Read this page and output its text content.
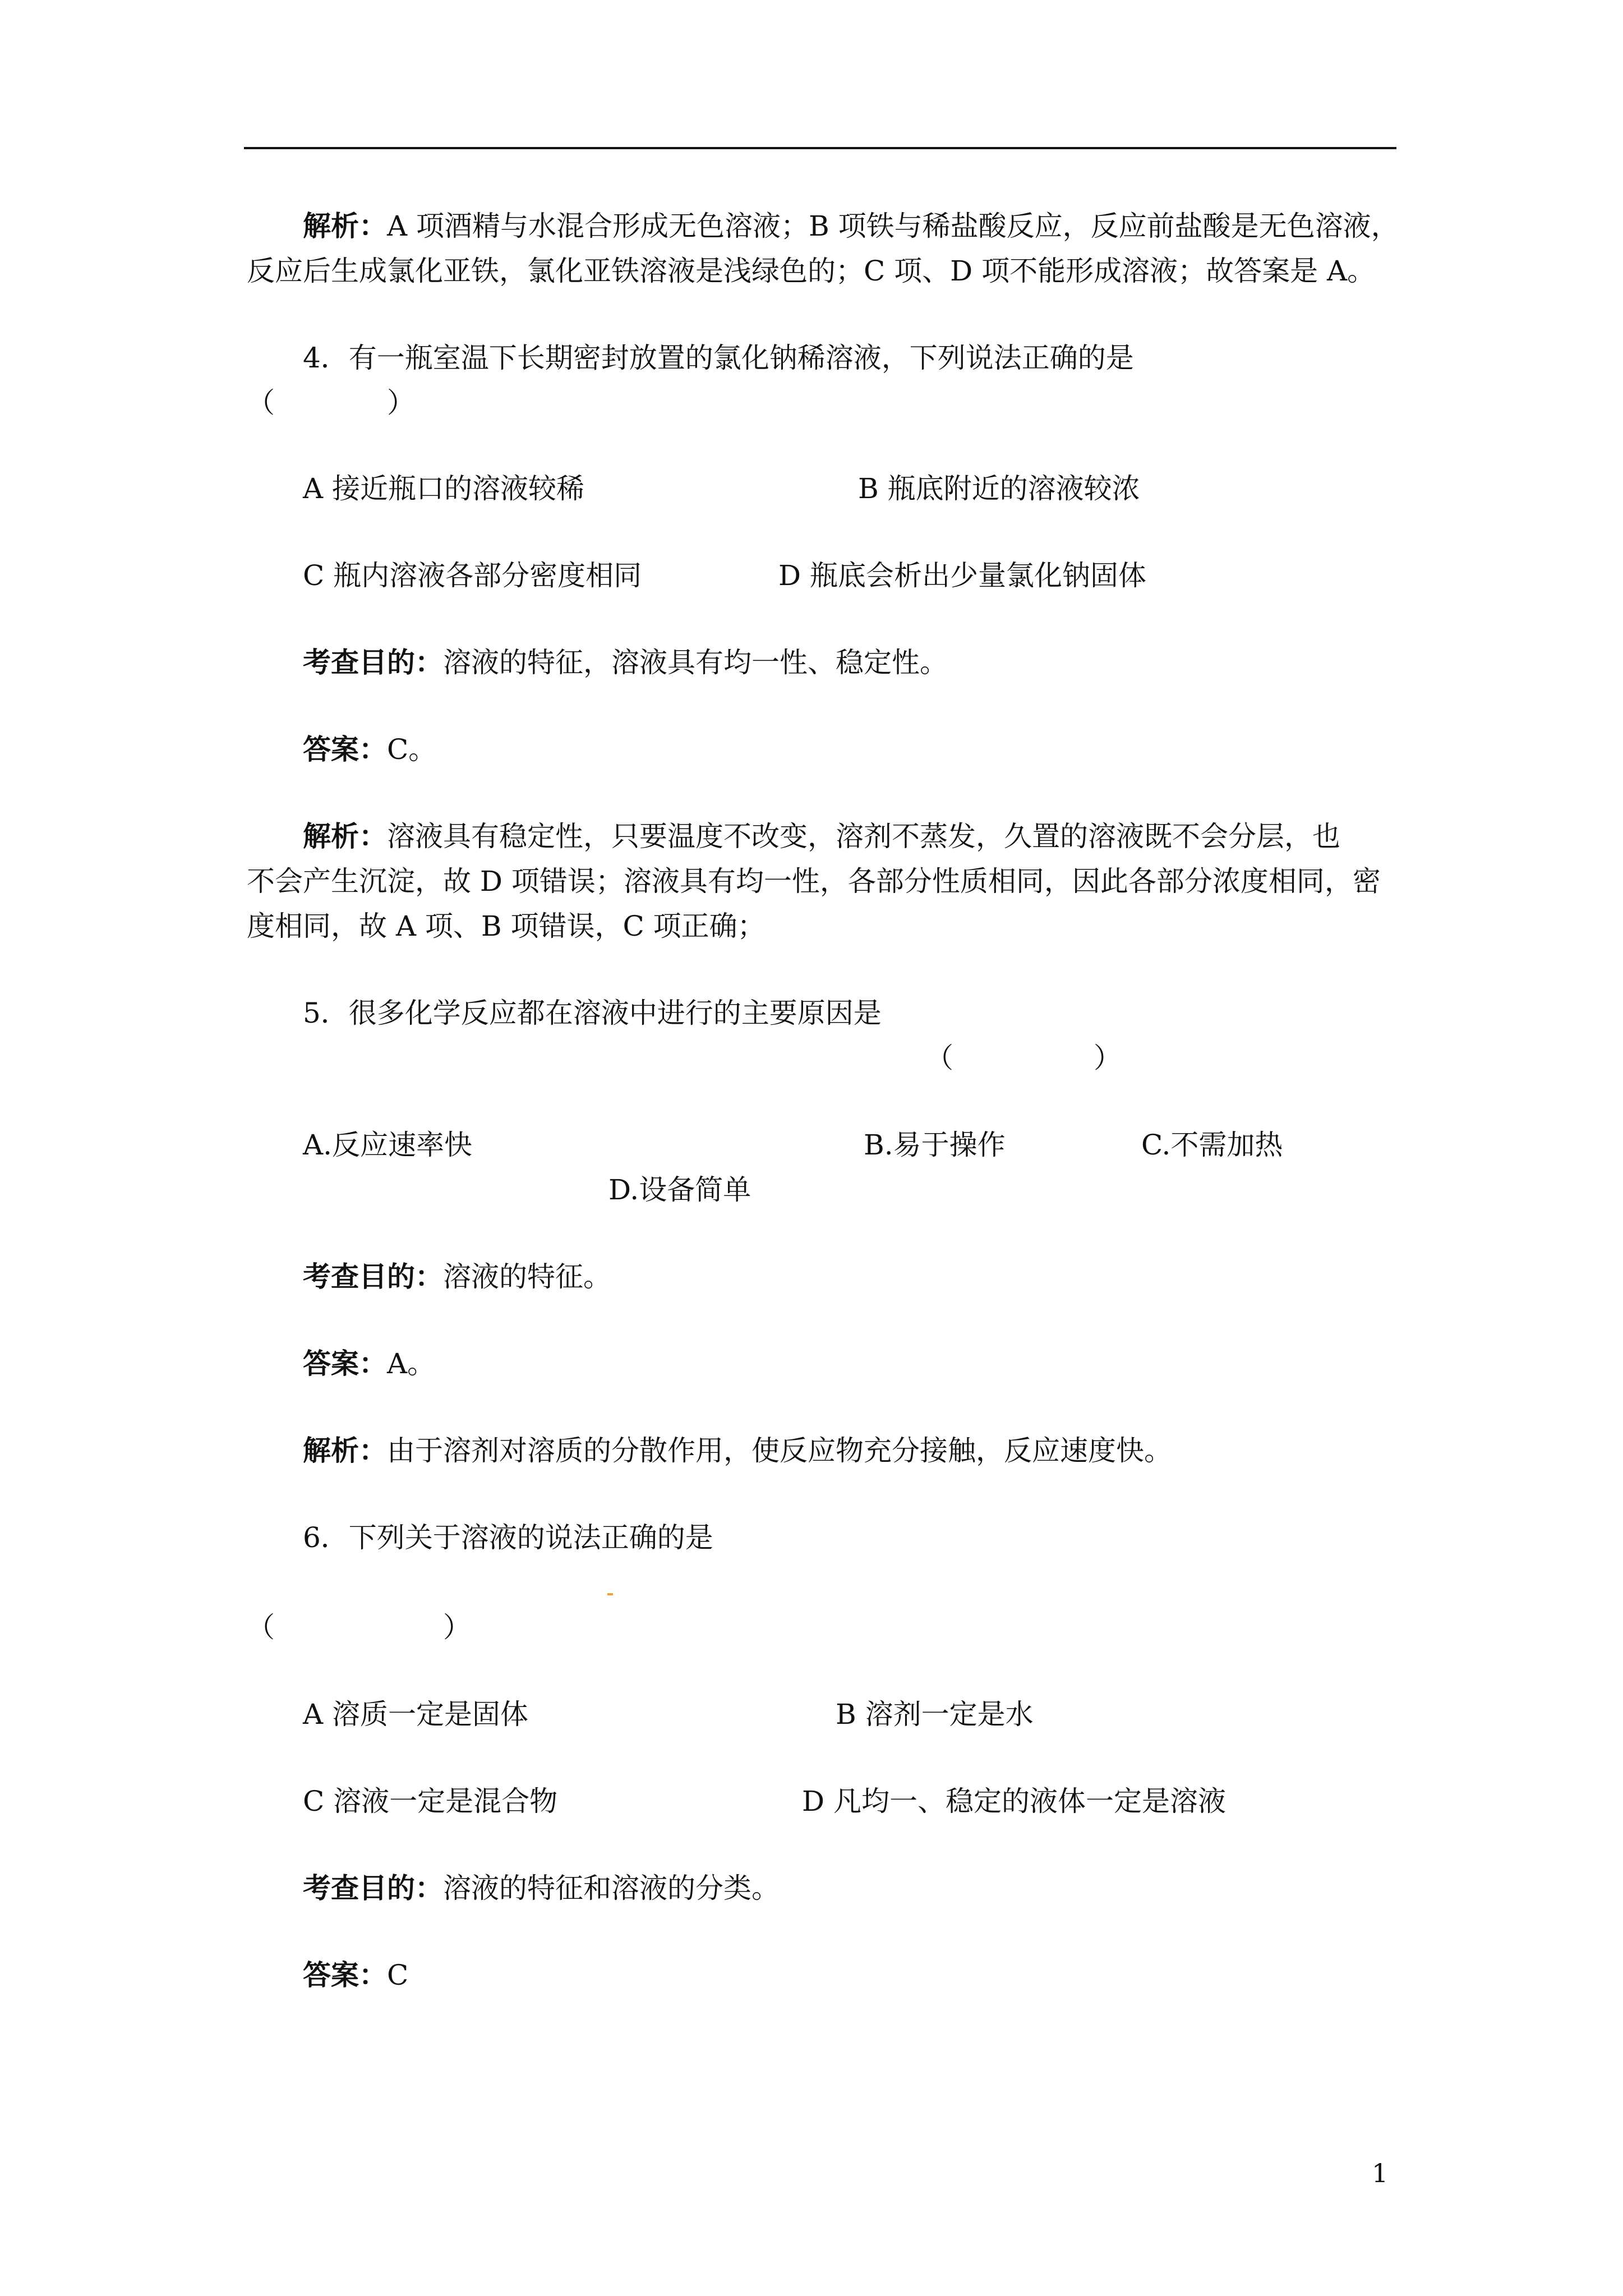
解析：A 项酒精与水混合形成无色溶液；B 项铁与稀盐酸反应，反应前盐酸是无色溶液，
反应后生成氯化亚铁，氯化亚铁溶液是浅绿色的；C 项、D 项不能形成溶液；故答案是 A。
4．有一瓶室温下长期密封放置的氯化钠稀溶液，下列说法正确的是
（　　　　）
A 接近瓶口的溶液较稀	B 瓶底附近的溶液较浓
C 瓶内溶液各部分密度相同	D 瓶底会析出少量氯化钠固体
考查目的：溶液的特征，溶液具有均一性、稳定性。
答案：C。
解析：溶液具有稳定性，只要温度不改变，溶剂不蒸发，久置的溶液既不会分层，也
不会产生沉淀，故 D 项错误；溶液具有均一性，各部分性质相同，因此各部分浓度相同，密
度相同，故 A 项、B 项错误，C 项正确；
5．很多化学反应都在溶液中进行的主要原因是
（　　　　　）
A.反应速率快	B.易于操作	C.不需加热
D.设备简单
考查目的：溶液的特征。
答案：A。
解析：由于溶剂对溶质的分散作用，使反应物充分接触，反应速度快。
6．下列关于溶液的说法正确的是
（　　　　　　）
A 溶质一定是固体	B 溶剂一定是水
C 溶液一定是混合物	D 凡均一、稳定的液体一定是溶液
考查目的：溶液的特征和溶液的分类。
答案：C
1
